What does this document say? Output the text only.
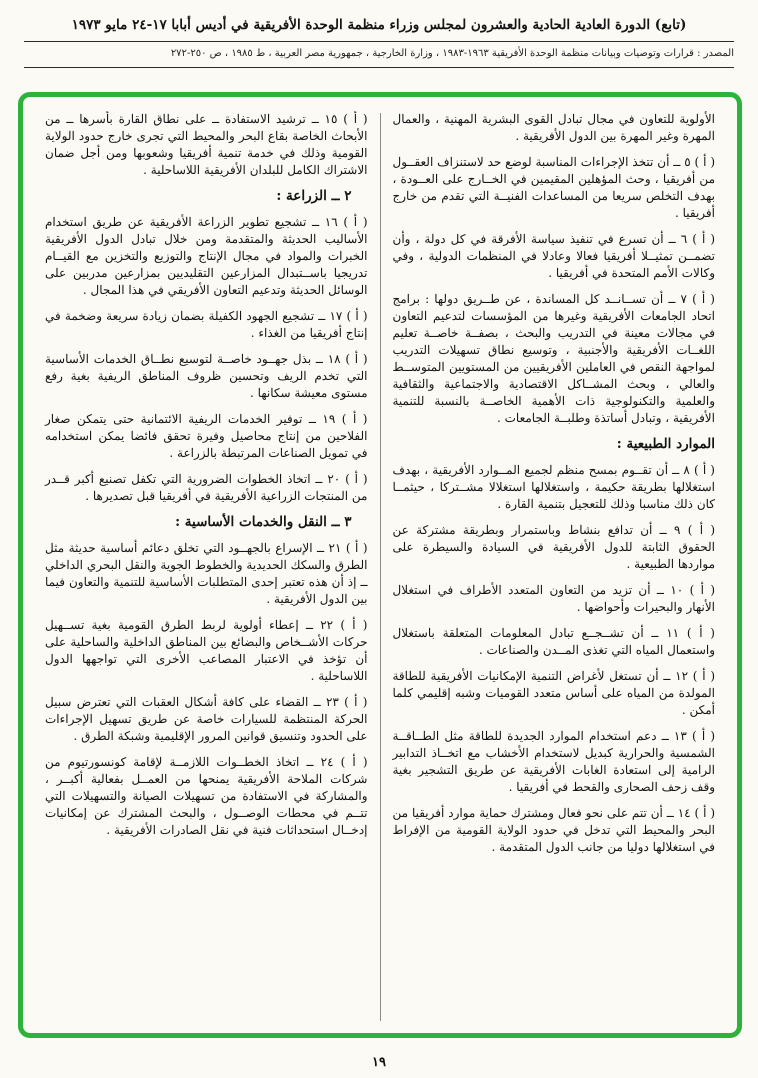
(تابع) الدورة العادية الحادية والعشرون لمجلس وزراء منظمة الوحدة الأفريقية في أديس أبابا ١٧-٢٤ مايو ١٩٧٣
المصدر : قرارات وتوصيات وبيانات منظمة الوحدة الأفريقية ١٩٦٣-١٩٨٣ ، وزارة الخارجية ، جمهورية مصر العربية ، ط ١٩٨٥ ، ص ٢٥٠-٢٧٢
الأولوية للتعاون في مجال تبادل القوى البشرية المهنية ، والعمال المهرة وغير المهرة بين الدول الأفريقية .
( أ ) ٥ ــ أن تتخذ الإجراءات المناسبة لوضع حد لاستنزاف العقــول من أفريقيا ، وحث المؤهلين المقيمين في الخــارج على العــودة ، بهدف التخلص سريعا من المساعدات الفنيــة التي تقدم من خارج أفريقيا .
( أ ) ٦ ــ أن تسرع في تنفيذ سياسة الأفرقة في كل دولة ، وأن تضمــن تمثيــلا أفريقيا فعالا وعادلا في المنظمات الدولية ، وفي وكالات الأمم المتحدة في أفريقيا .
( أ ) ٧ ــ أن تســانــد كل المساندة ، عن طــريق دولها : برامج اتحاد الجامعات الأفريقية وغيرها من المؤسسات لتدعيم التعاون في مجالات معينة في التدريب والبحث ، بصفــة خاصــة تعليم اللغــات الأفريقية والأجنبية ، وتوسيع نطاق تسهيلات التدريب لمواجهة النقص في العاملين الأفريقيين من المستويين المتوســط والعالي ، وبحث المشــاكل الاقتصادية والاجتماعية والثقافية والعلمية والتكنولوجية ذات الأهمية الخاصــة بالنسبة للتنمية الأفريقية ، وتبادل أساتذة وطلبــة الجامعات .
الموارد الطبيعية :
( أ ) ٨ ــ أن تقــوم بمسح منظم لجميع المــوارد الأفريقية ، بهدف استغلالها بطريقة حكيمة ، واستغلالها استغلالا مشــتركا ، حيثمــا كان ذلك مناسبا وذلك للتعجيل بتنمية القارة .
( أ ) ٩ ــ أن تدافع بنشاط وباستمرار وبطريقة مشتركة عن الحقوق الثابتة للدول الأفريقية في السيادة والسيطرة على مواردها الطبيعية .
( أ ) ١٠ ــ أن تزيد من التعاون المتعدد الأطراف في استغلال الأنهار والبحيرات وأحواضها .
( أ ) ١١ ــ أن تشــجــع تبادل المعلومات المتعلقة باستغلال واستعمال المياه التي تغذى المــدن والصناعات .
( أ ) ١٢ ــ أن تستغل لأغراض التنمية الإمكانيات الأفريقية للطاقة المولدة من المياه على أساس متعدد القوميات وشبه إقليمي كلما أمكن .
( أ ) ١٣ ــ دعم استخدام الموارد الجديدة للطاقة مثل الطــاقــة الشمسية والحرارية كبديل لاستخدام الأخشاب مع اتخــاذ التدابير الرامية إلى استعادة الغابات الأفريقية عن طريق التشجير بغية وقف زحف الصحارى والقحط في أفريقيا .
( أ ) ١٤ ــ أن تتم على نحو فعال ومشترك حماية موارد أفريقيا من البحر والمحيط التي تدخل في حدود الولاية القومية من الإفراط في استغلالها دوليا من جانب الدول المتقدمة .
( أ ) ١٥ ــ ترشيد الاستفادة ــ على نطاق القارة بأسرها ــ من الأبحاث الخاصة بقاع البحر والمحيط التي تجرى خارج حدود الولاية القومية وذلك في خدمة تنمية أفريقيا وشعوبها ومن أجل ضمان الاشتراك الكامل للبلدان الأفريقية اللاساحلية .
٢ ــ الزراعة :
( أ ) ١٦ ــ تشجيع تطوير الزراعة الأفريقية عن طريق استخدام الأساليب الحديثة والمتقدمة ومن خلال تبادل الدول الأفريقية الخبرات والمواد في مجال الإنتاج والتوزيع والتخزين مع القيــام تدريجيا باســتبدال المزارعين التقليديين بمزارعين مدربين على الوسائل الحديثة وتدعيم التعاون الأفريقي في هذا المجال .
( أ ) ١٧ ــ تشجيع الجهود الكفيلة بضمان زيادة سريعة وضخمة في إنتاج أفريقيا من الغذاء .
( أ ) ١٨ ــ بذل جهــود خاصــة لتوسيع نطــاق الخدمات الأساسية التي تخدم الريف وتحسين ظروف المناطق الريفية بغية رفع مستوى معيشة سكانها .
( أ ) ١٩ ــ توفير الخدمات الريفية الائتمانية حتى يتمكن صغار الفلاحين من إنتاج محاصيل وفيرة تحقق فائضا يمكن استخدامه في تمويل الصناعات المرتبطة بالزراعة .
( أ ) ٢٠ ــ اتخاذ الخطوات الضرورية التي تكفل تصنيع أكبر قــدر من المنتجات الزراعية الأفريقية في أفريقيا قبل تصديرها .
٣ ــ النقل والخدمات الأساسية :
( أ ) ٢١ ــ الإسراع بالجهــود التي تخلق دعائم أساسية حديثة مثل الطرق والسكك الحديدية والخطوط الجوية والنقل البحري الداخلي ــ إذ أن هذه تعتبر إحدى المتطلبات الأساسية للتنمية والتعاون فيما بين الدول الأفريقية .
( أ ) ٢٢ ــ إعطاء أولوية لربط الطرق القومية بغية تســهيل حركات الأشــخاص والبضائع بين المناطق الداخلية والساحلية على أن تؤخذ في الاعتبار المصاعب الأخرى التي تواجهها الدول اللاساحلية .
( أ ) ٢٣ ــ القضاء على كافة أشكال العقبات التي تعترض سبيل الحركة المنتظمة للسيارات خاصة عن طريق تسهيل الإجراءات على الحدود وتنسيق قوانين المرور الإقليمية وشبكة الطرق .
( أ ) ٢٤ ــ اتخاذ الخطــوات اللازمــة لإقامة كونسورتيوم من شركات الملاحة الأفريقية يمنحها من العمــل بفعالية أكبــر ، والمشاركة في الاستفادة من تسهيلات الصيانة والتسهيلات التي تتــم في محطات الوصــول ، والبحث المشترك عن إمكانيات إدخــال استحداثات فنية في نقل الصادرات الأفريقية .
١٩
